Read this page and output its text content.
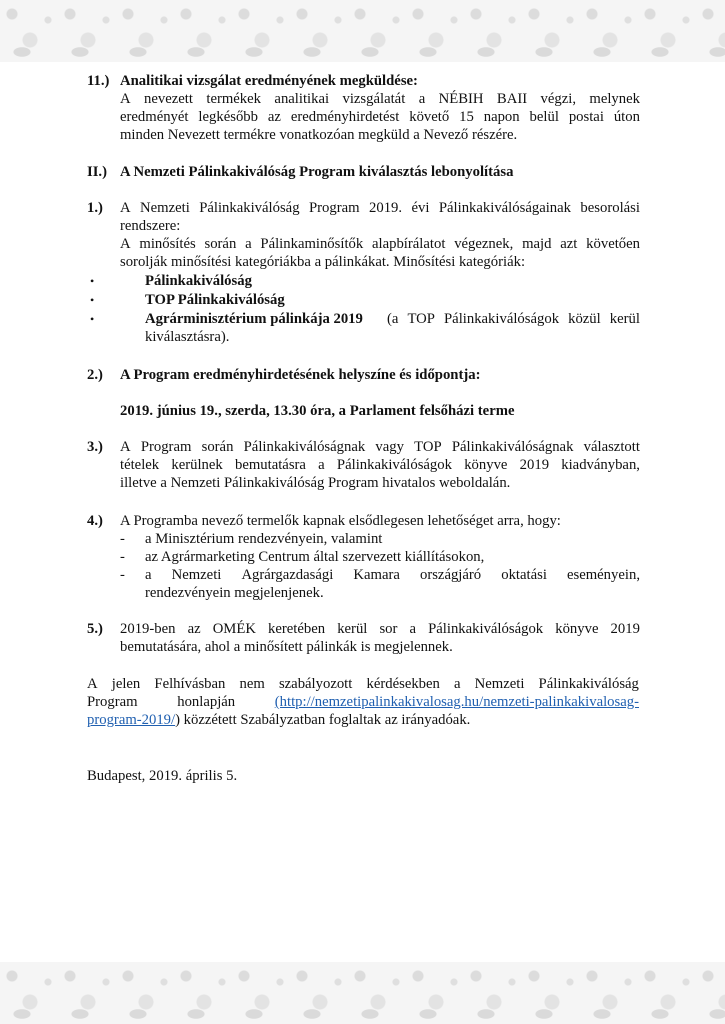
11.) Analitikai vizsgálat eredményének megküldése:
A nevezett termékek analitikai vizsgálatát a NÉBIH BAII végzi, melynek
eredményét legkésőbb az eredményhirdetést követő 15 napon belül postai úton
minden Nevezett termékre vonatkozóan megküld a Nevező részére.
II.) A Nemzeti Pálinkakiválóság Program kiválasztás lebonyolítása
1.) A Nemzeti Pálinkakiválóság Program 2019. évi Pálinkakiválóságainak besorolási
rendszere:
A minősítés során a Pálinkaminősítők alapbírálatot végeznek, majd azt követően
sorolják minősítési kategóriákba a pálinkákat. Minősítési kategóriák:
•	Pálinkakiválóság
•	TOP Pálinkakiválóság
•	Agrárminisztérium pálinkája 2019 (a TOP Pálinkakiválóságok közül kerül
kiválasztásra).
2.) A Program eredményhirdetésének helyszíne és időpontja:
2019. június 19., szerda, 13.30 óra, a Parlament felsőházi terme
3.) A Program során Pálinkakiválóságnak vagy TOP Pálinkakiválóságnak választott
tételek kerülnek bemutatásra a Pálinkakiválóságok könyve 2019 kiadványban,
illetve a Nemzeti Pálinkakiválóság Program hivatalos weboldalán.
4.) A Programba nevező termelők kapnak elsődlegesen lehetőséget arra, hogy:
- a Minisztérium rendezvényein, valamint
- az Agrármarketing Centrum által szervezett kiállításokon,
- a Nemzeti Agrárgazdasági Kamara országjáró oktatási eseményein,
rendezvényein megjelenjenek.
5.) 2019-ben az OMÉK keretében kerül sor a Pálinkakiválóságok könyve 2019
bemutatására, ahol a minősített pálinkák is megjelennek.
A jelen Felhívásban nem szabályozott kérdésekben a Nemzeti Pálinkakiválóság
Program	honlapján	(http://nemzetipalinkakivalosag.hu/nemzeti-palinkakivalosag-
program-2019/) közzétett Szabályzatban foglaltak az irányadóak.
Budapest, 2019. április 5.
